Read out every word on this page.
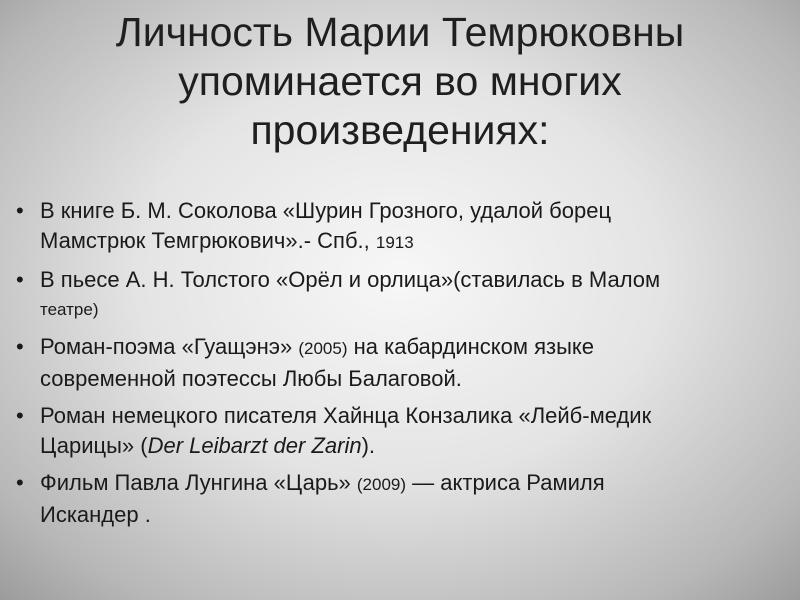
Личность Марии Темрюковны
упоминается во многих
произведениях:
• В книге Б. М. Соколова «Шурин Грозного, удалой борец
Мамстрюк Темгрюкович».- Спб., 1913
• В пьесе А. Н. Толстого «Орёл и орлица»(ставилась в Малом
театре)
• Роман-поэма «Гуащэнэ» (2005) на кабардинском языке
современной поэтессы Любы Балаговой.
• Роман немецкого писателя Хайнца Конзалика «Лейб-медик
Царицы» (Der Leibarzt der Zarin).
• Фильм Павла Лунгина «Царь» (2009) — актриса Рамиля
Искандер .
